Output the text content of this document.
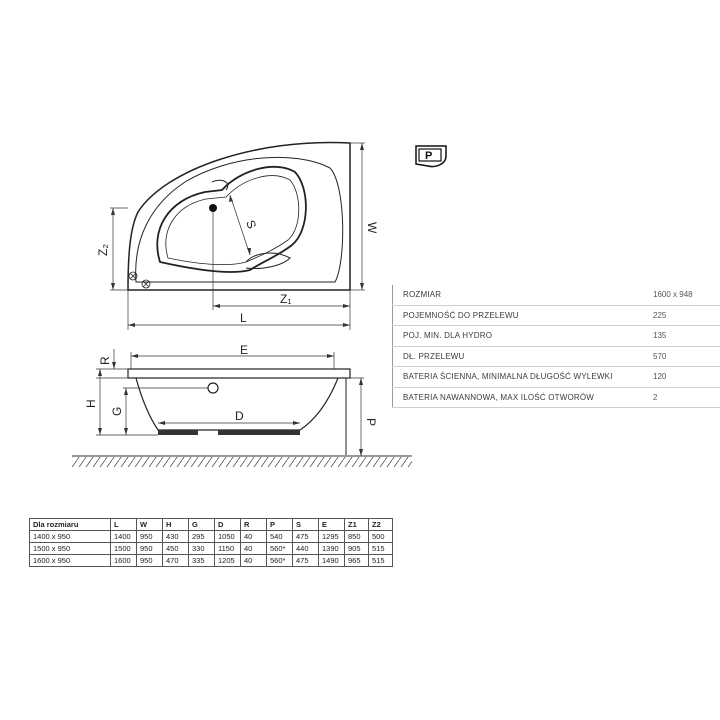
W
Z₂
S
Z₁
L
P
R
E
H
G	D	P
ROZMIAR	1600 x 948
POJEMNOŚĆ DO PRZELEWU	225
POJ. MIN. DLA HYDRO	135
DŁ. PRZELEWU	570
BATERIA ŚCIENNA, MINIMALNA DŁUGOŚĆ WYLEWKI	120
BATERIA NAWANNOWA, MAX ILOŚĆ OTWORÓW	2
Dla rozmiaru	L	W	H	G	D	R	P	S	E	Z1	Z2
1400 x 950	1400	950	430	295	1050	40	540	475	1295	850	500
1500 x 950	1500	950	450	330	1150	40	560*	440	1390	905	515
1600 x 950	1600	950	470	335	1205	40	560*	475	1490	965	515
